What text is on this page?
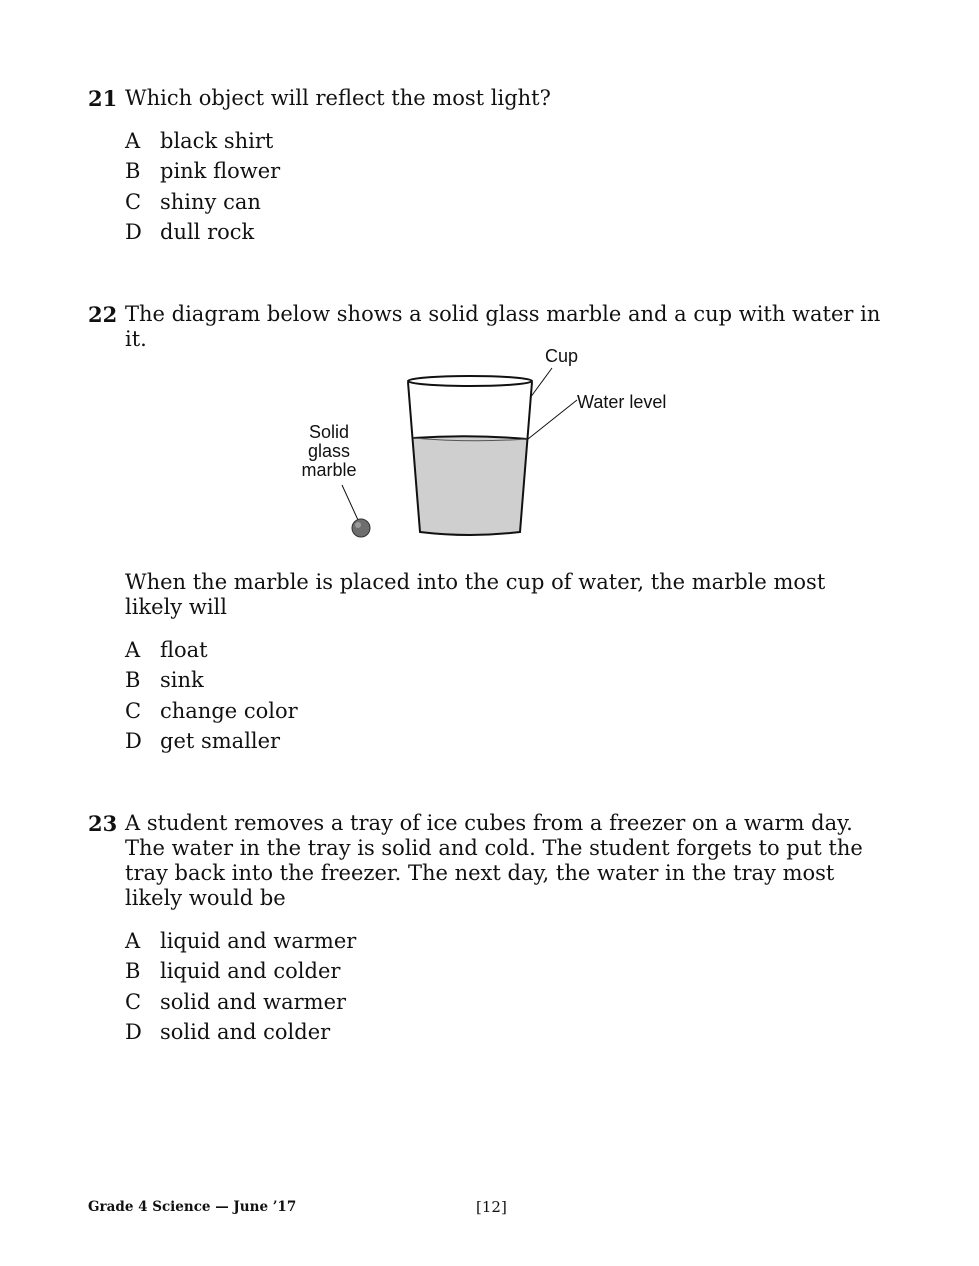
21 Which object will reflect the most light?
A black shirt
B pink flower
C shiny can
D dull rock
22 The diagram below shows a solid glass marble and a cup with water in it.
Cup
Water level
Solid
glass
marble
When the marble is placed into the cup of water, the marble most likely will
A float
B sink
C change color
D get smaller
23 A student removes a tray of ice cubes from a freezer on a warm day. The water in the tray is solid and cold. The student forgets to put the tray back into the freezer. The next day, the water in the tray most likely would be
A liquid and warmer
B liquid and colder
C solid and warmer
D solid and colder
Grade 4 Science — June ’17	[12]
